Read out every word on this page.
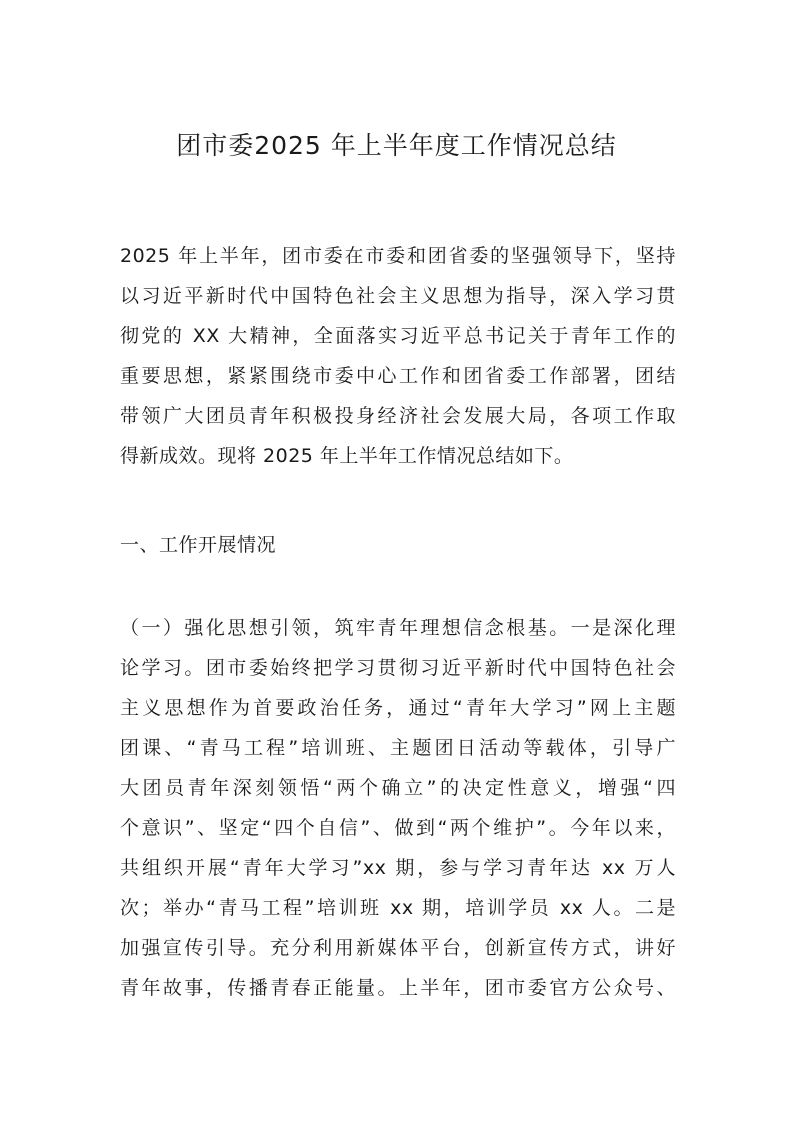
团市委2025 年上半年度工作情况总结
2025 年上半年，团市委在市委和团省委的坚强领导下，坚持
以习近平新时代中国特色社会主义思想为指导，深入学习贯
彻党的 XX 大精神，全面落实习近平总书记关于青年工作的
重要思想，紧紧围绕市委中心工作和团省委工作部署，团结
带领广大团员青年积极投身经济社会发展大局，各项工作取
得新成效。现将 2025 年上半年工作情况总结如下。
一、工作开展情况
（一）强化思想引领，筑牢青年理想信念根基。一是深化理
论学习。团市委始终把学习贯彻习近平新时代中国特色社会
主义思想作为首要政治任务，通过“青年大学习”网上主题
团课、“青马工程”培训班、主题团日活动等载体，引导广
大团员青年深刻领悟“两个确立”的决定性意义，增强“四
个意识”、坚定“四个自信”、做到“两个维护”。今年以来，
共组织开展“青年大学习”xx 期，参与学习青年达 xx 万人
次；举办“青马工程”培训班 xx 期，培训学员 xx 人。二是
加强宣传引导。充分利用新媒体平台，创新宣传方式，讲好
青年故事，传播青春正能量。上半年，团市委官方公众号、
